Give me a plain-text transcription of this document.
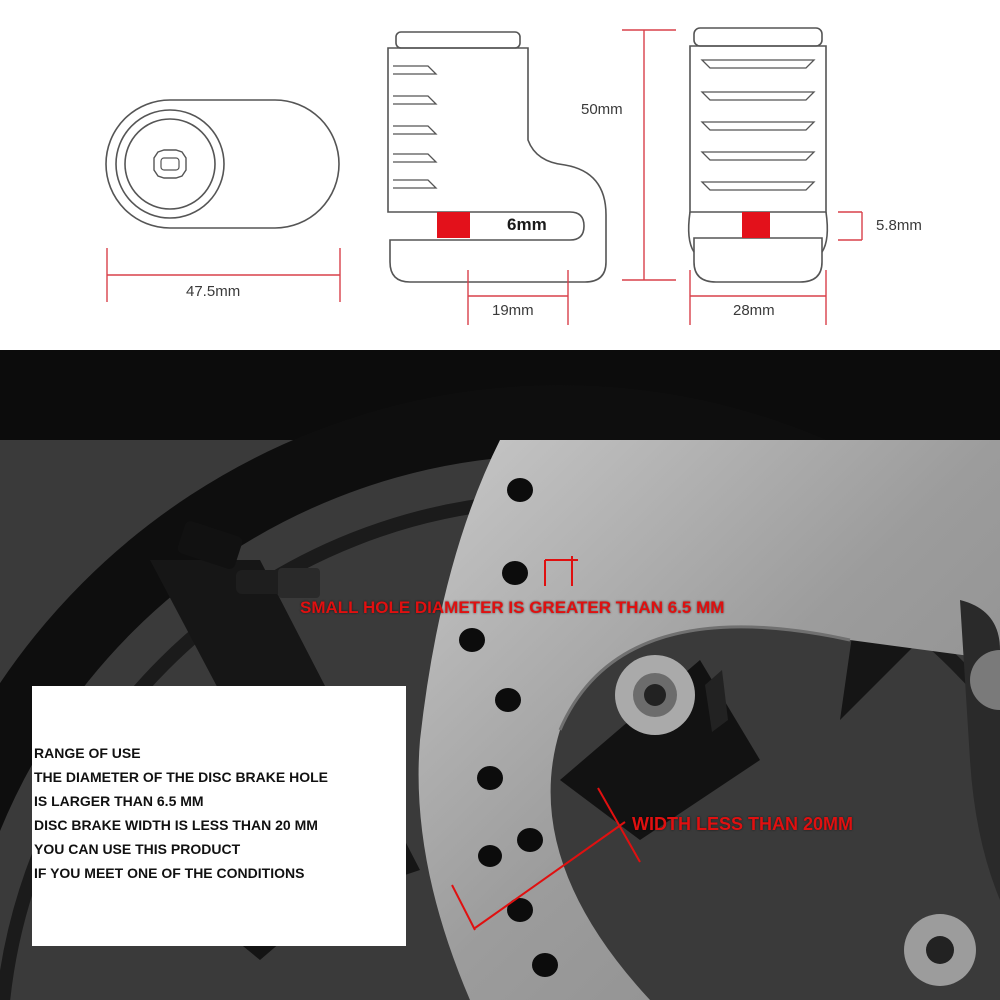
47.5mm
6mm
50mm
19mm	28mm
5.8mm
SMALL HOLE DIAMETER IS GREATER THAN 6.5 MM
WIDTH LESS THAN 20MM
RANGE OF USE
THE DIAMETER OF THE DISC BRAKE HOLE
IS LARGER THAN 6.5 MM
DISC BRAKE WIDTH IS LESS THAN 20 MM
YOU CAN USE THIS PRODUCT
IF YOU MEET ONE OF THE CONDITIONS
